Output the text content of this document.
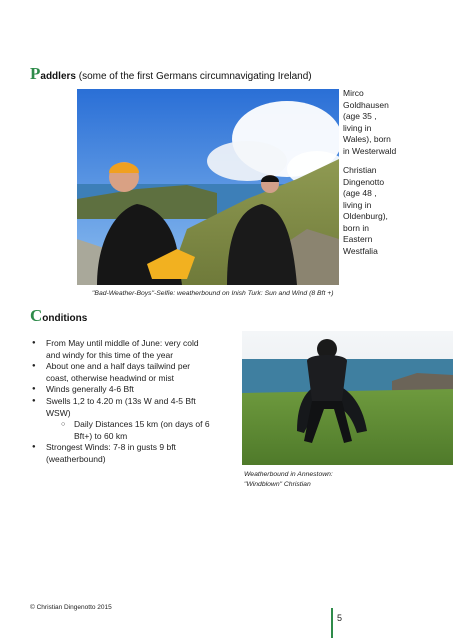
Paddlers (some of the first Germans circumnavigating Ireland)
Mirco
Goldhausen
(age 35 ,
living in
Wales), born
in Westerwald
Christian
Dingenotto
(age 48 ,
living in
Oldenburg),
born in
Eastern
Westfalia
"Bad-Weather-Boys"-Selfie: weatherbound on Inish Turk: Sun and Wind (8 Bft +)
Conditions
● From May until middle of June: very cold
and windy for this time of the year
● About one and a half days tailwind per
coast, otherwise headwind or mist
● Winds generally 4-6 Bft
● Swells 1,2 to 4.20 m (13s W and 4-5 Bft
WSW)
○ Daily Distances 15 km (on days of 6
Bft+) to 60 km
● Strongest Winds: 7-8 in gusts 9 bft
(weatherbound)
Weatherbound in Annestown:
"Windblown" Christian
© Christian Dingenotto 2015
5
